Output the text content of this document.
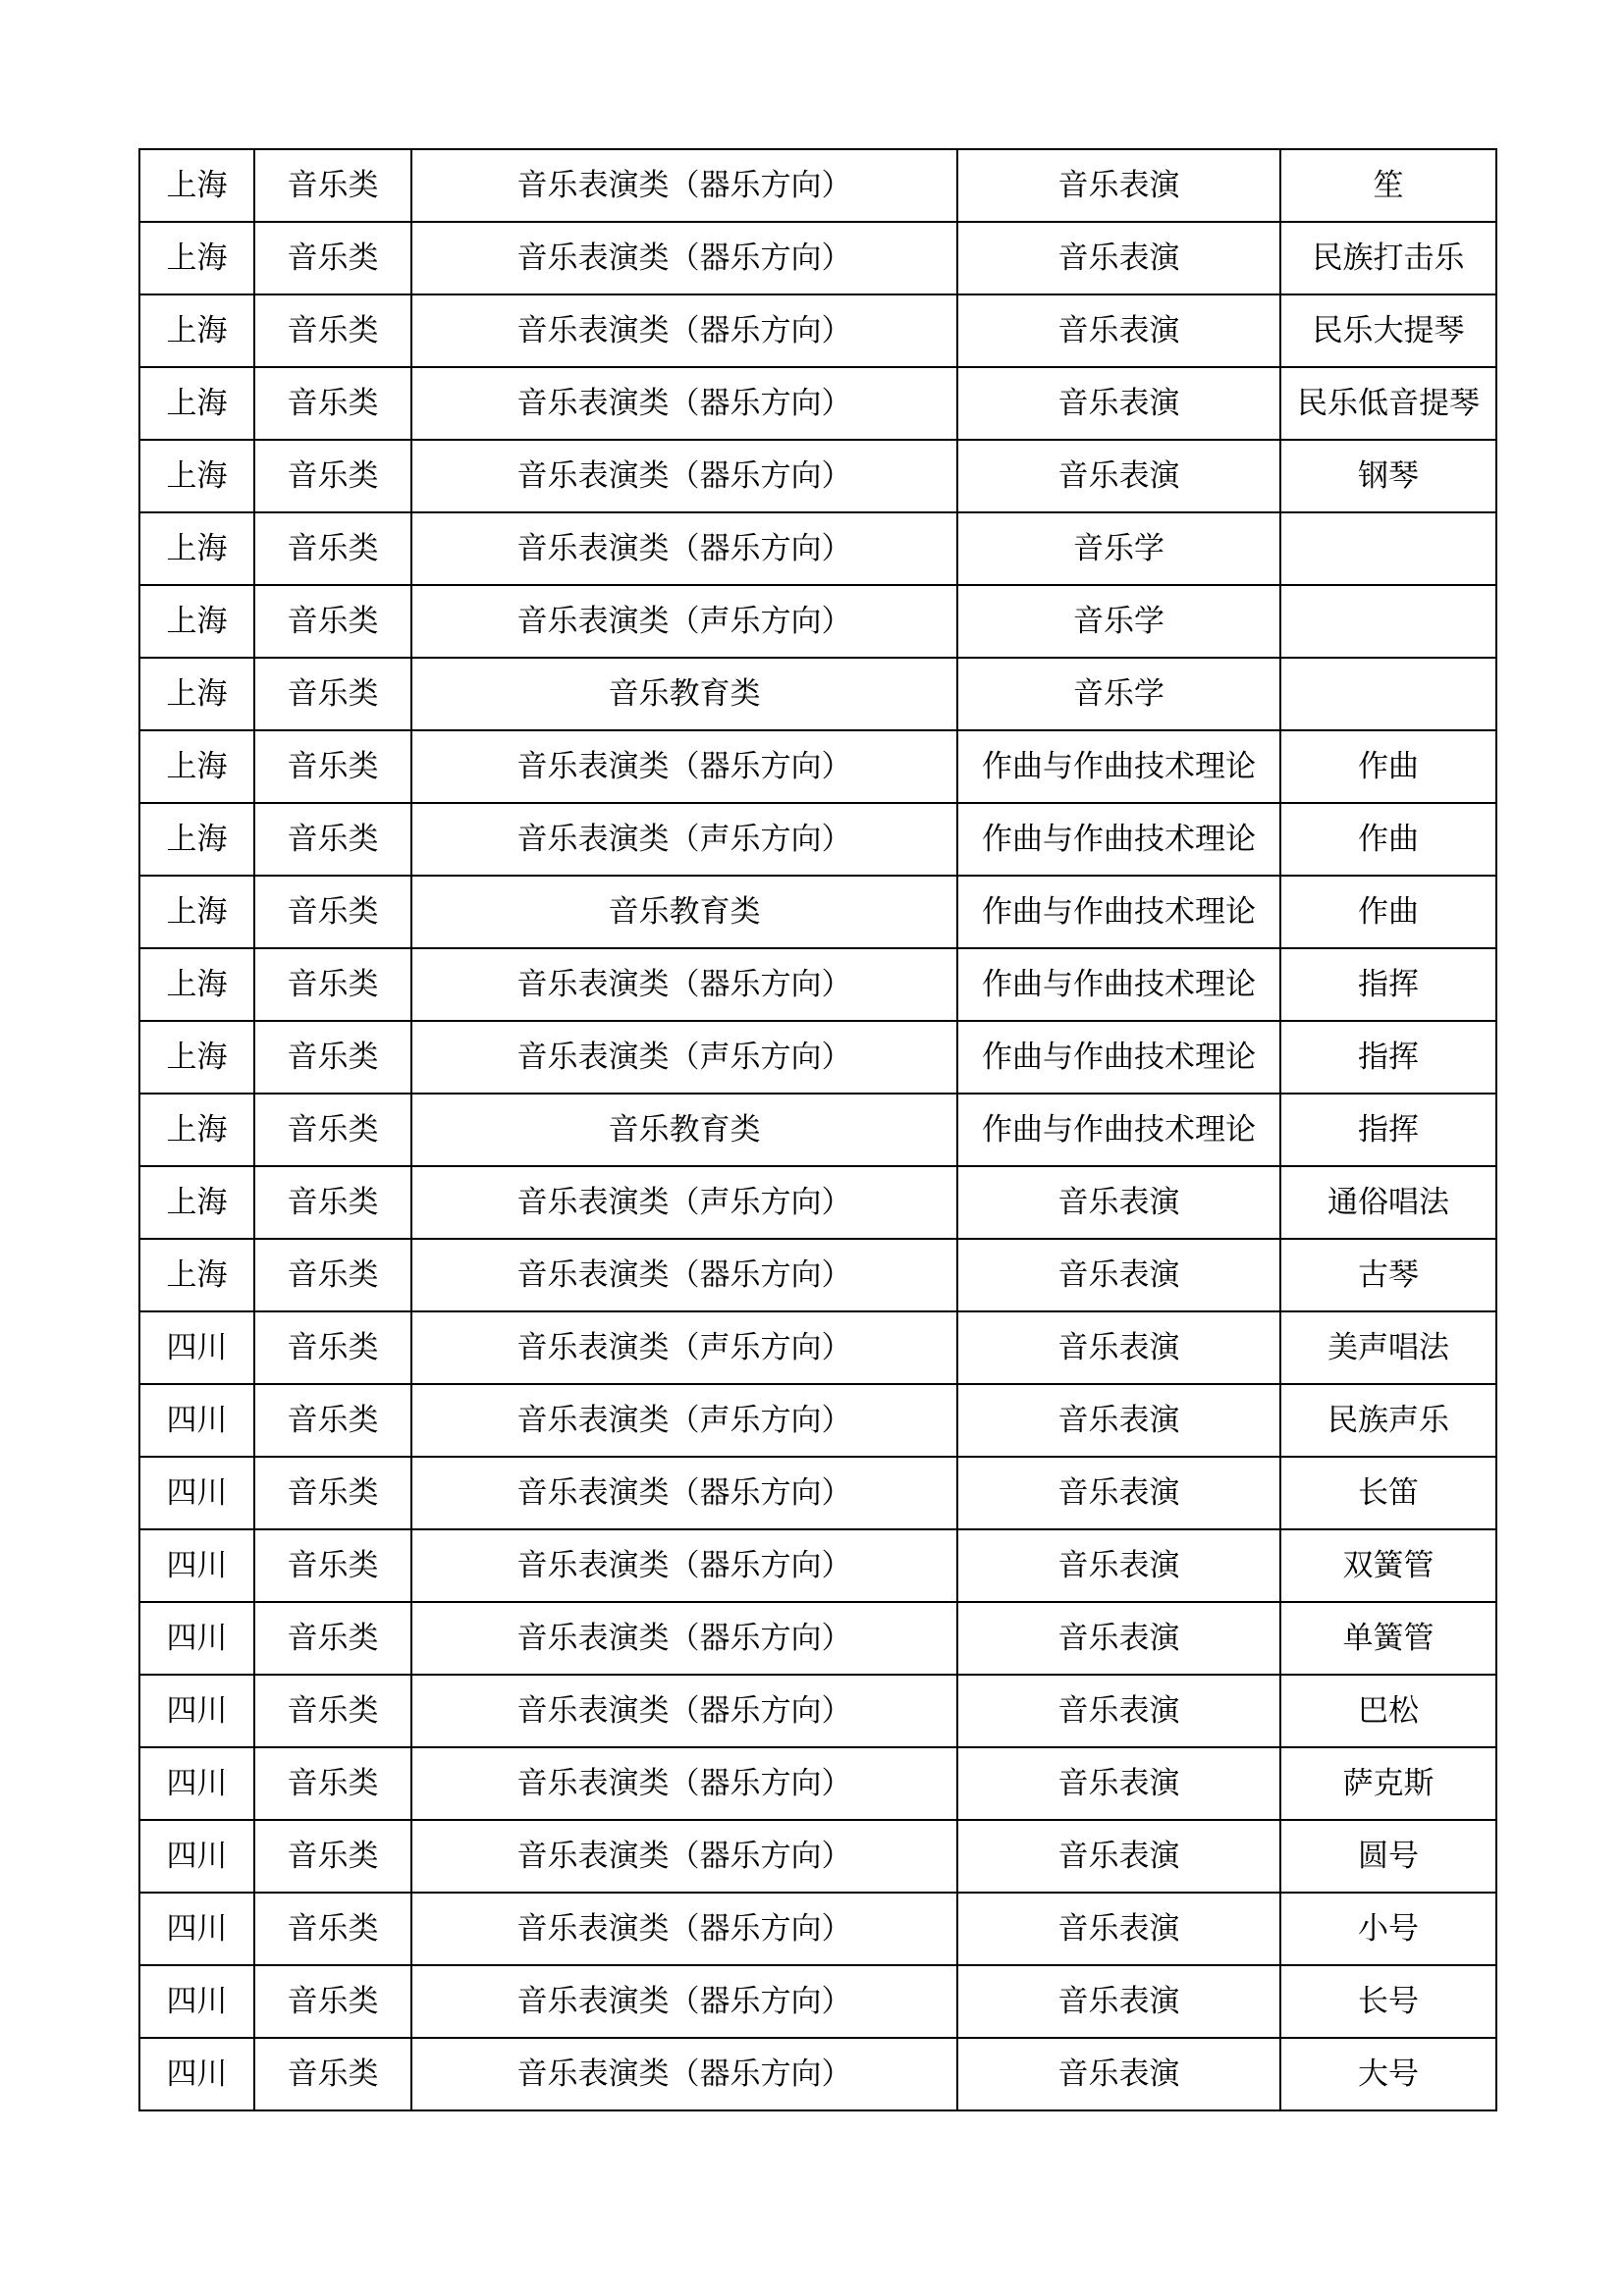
上海	音乐类	音乐表演类（器乐方向）	音乐表演	笙
上海	音乐类	音乐表演类（器乐方向）	音乐表演	民族打击乐
上海	音乐类	音乐表演类（器乐方向）	音乐表演	民乐大提琴
上海	音乐类	音乐表演类（器乐方向）	音乐表演	民乐低音提琴
上海	音乐类	音乐表演类（器乐方向）	音乐表演	钢琴
上海	音乐类	音乐表演类（器乐方向）	音乐学	
上海	音乐类	音乐表演类（声乐方向）	音乐学	
上海	音乐类	音乐教育类	音乐学	
上海	音乐类	音乐表演类（器乐方向）	作曲与作曲技术理论	作曲
上海	音乐类	音乐表演类（声乐方向）	作曲与作曲技术理论	作曲
上海	音乐类	音乐教育类	作曲与作曲技术理论	作曲
上海	音乐类	音乐表演类（器乐方向）	作曲与作曲技术理论	指挥
上海	音乐类	音乐表演类（声乐方向）	作曲与作曲技术理论	指挥
上海	音乐类	音乐教育类	作曲与作曲技术理论	指挥
上海	音乐类	音乐表演类（声乐方向）	音乐表演	通俗唱法
上海	音乐类	音乐表演类（器乐方向）	音乐表演	古琴
四川	音乐类	音乐表演类（声乐方向）	音乐表演	美声唱法
四川	音乐类	音乐表演类（声乐方向）	音乐表演	民族声乐
四川	音乐类	音乐表演类（器乐方向）	音乐表演	长笛
四川	音乐类	音乐表演类（器乐方向）	音乐表演	双簧管
四川	音乐类	音乐表演类（器乐方向）	音乐表演	单簧管
四川	音乐类	音乐表演类（器乐方向）	音乐表演	巴松
四川	音乐类	音乐表演类（器乐方向）	音乐表演	萨克斯
四川	音乐类	音乐表演类（器乐方向）	音乐表演	圆号
四川	音乐类	音乐表演类（器乐方向）	音乐表演	小号
四川	音乐类	音乐表演类（器乐方向）	音乐表演	长号
四川	音乐类	音乐表演类（器乐方向）	音乐表演	大号
